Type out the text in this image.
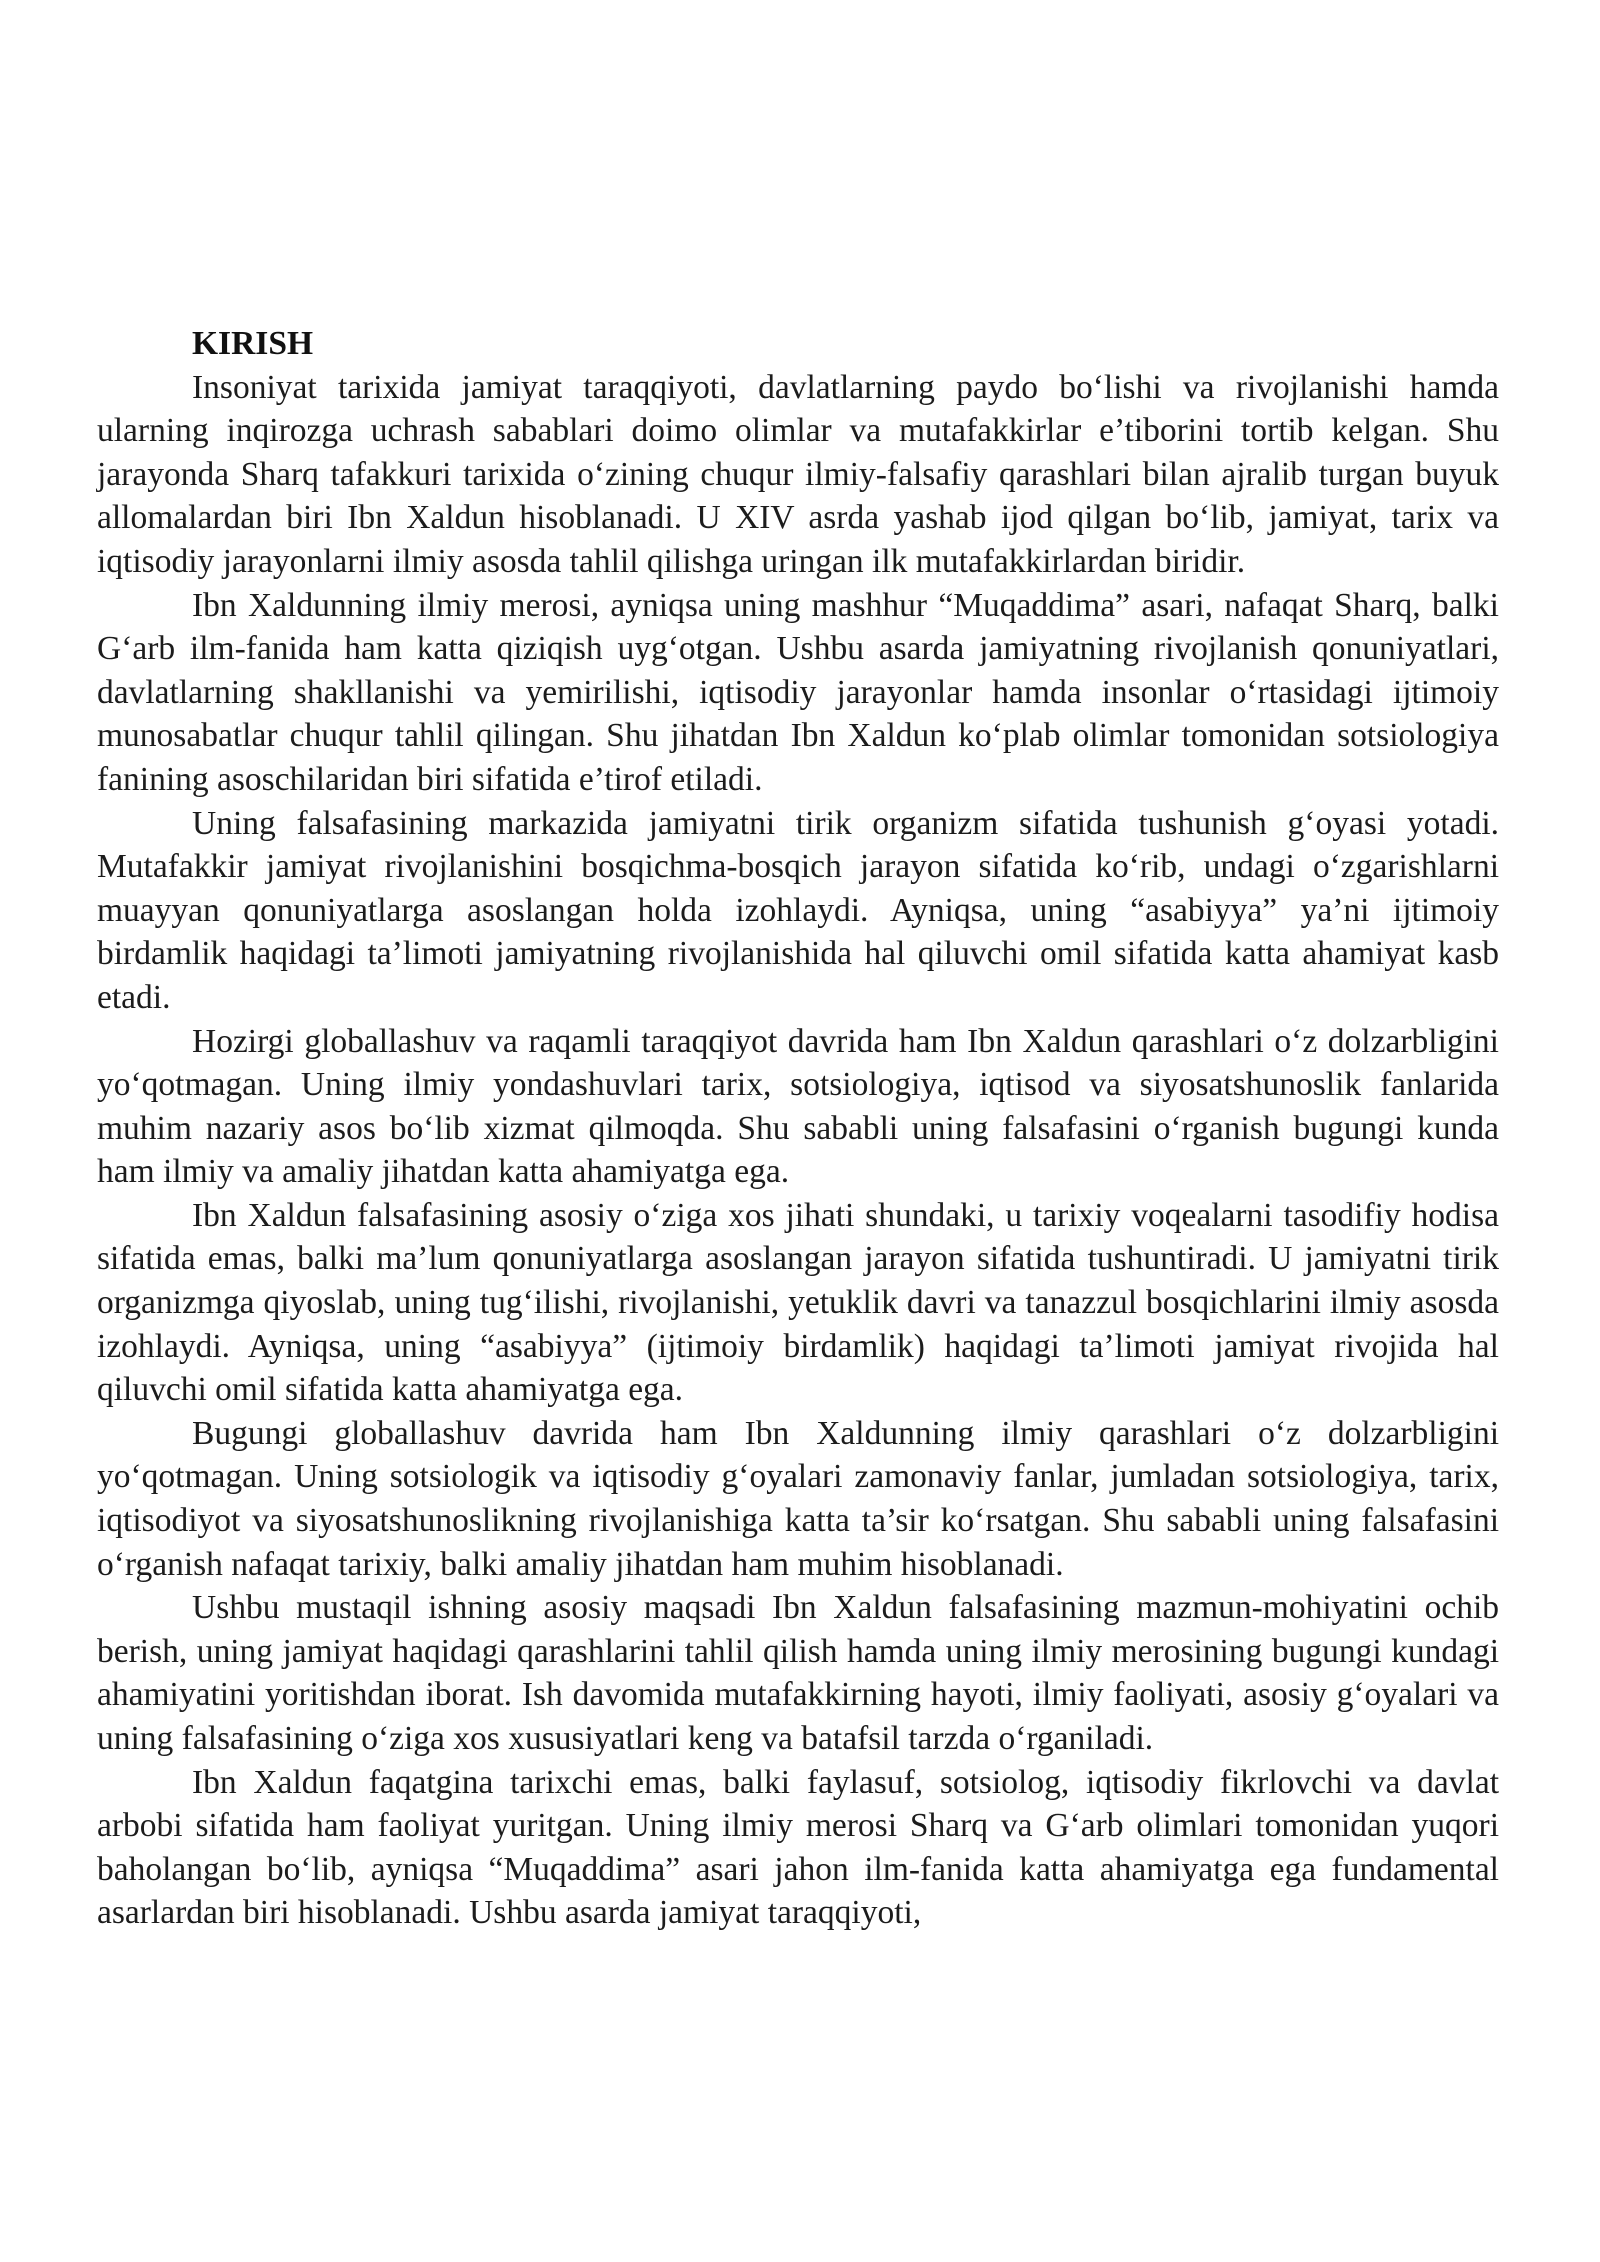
KIRISH

Insoniyat tarixida jamiyat taraqqiyoti, davlatlarning paydo bo‘lishi va rivojlanishi hamda ularning inqirozga uchrash sabablari doimo olimlar va mutafakkirlar e’tiborini tortib kelgan. Shu jarayonda Sharq tafakkuri tarixida o‘zining chuqur ilmiy-falsafiy qarashlari bilan ajralib turgan buyuk allomalardan biri Ibn Xaldun hisoblanadi. U XIV asrda yashab ijod qilgan bo‘lib, jamiyat, tarix va iqtisodiy jarayonlarni ilmiy asosda tahlil qilishga uringan ilk mutafakkirlardan biridir.

Ibn Xaldunning ilmiy merosi, ayniqsa uning mashhur “Muqaddima” asari, nafaqat Sharq, balki G‘arb ilm-fanida ham katta qiziqish uyg‘otgan. Ushbu asarda jamiyatning rivojlanish qonuniyatlari, davlatlarning shakllanishi va yemirilishi, iqtisodiy jarayonlar hamda insonlar o‘rtasidagi ijtimoiy munosabatlar chuqur tahlil qilingan. Shu jihatdan Ibn Xaldun ko‘plab olimlar tomonidan sotsiologiya fanining asoschilaridan biri sifatida e’tirof etiladi.

Uning falsafasining markazida jamiyatni tirik organizm sifatida tushunish g‘oyasi yotadi. Mutafakkir jamiyat rivojlanishini bosqichma-bosqich jarayon sifatida ko‘rib, undagi o‘zgarishlarni muayyan qonuniyatlarga asoslangan holda izohlaydi. Ayniqsa, uning “asabiyya” ya’ni ijtimoiy birdamlik haqidagi ta’limoti jamiyatning rivojlanishida hal qiluvchi omil sifatida katta ahamiyat kasb etadi.

Hozirgi globallashuv va raqamli taraqqiyot davrida ham Ibn Xaldun qarashlari o‘z dolzarbligini yo‘qotmagan. Uning ilmiy yondashuvlari tarix, sotsiologiya, iqtisod va siyosatshunoslik fanlarida muhim nazariy asos bo‘lib xizmat qilmoqda. Shu sababli uning falsafasini o‘rganish bugungi kunda ham ilmiy va amaliy jihatdan katta ahamiyatga ega.

Ibn Xaldun falsafasining asosiy o‘ziga xos jihati shundaki, u tarixiy voqealarni tasodifiy hodisa sifatida emas, balki ma’lum qonuniyatlarga asoslangan jarayon sifatida tushuntiradi. U jamiyatni tirik organizmga qiyoslab, uning tug‘ilishi, rivojlanishi, yetuklik davri va tanazzul bosqichlarini ilmiy asosda izohlaydi. Ayniqsa, uning “asabiyya” (ijtimoiy birdamlik) haqidagi ta’limoti jamiyat rivojida hal qiluvchi omil sifatida katta ahamiyatga ega.

Bugungi globallashuv davrida ham Ibn Xaldunning ilmiy qarashlari o‘z dolzarbligini yo‘qotmagan. Uning sotsiologik va iqtisodiy g‘oyalari zamonaviy fanlar, jumladan sotsiologiya, tarix, iqtisodiyot va siyosatshunoslikning rivojlanishiga katta ta’sir ko‘rsatgan. Shu sababli uning falsafasini o‘rganish nafaqat tarixiy, balki amaliy jihatdan ham muhim hisoblanadi.

Ushbu mustaqil ishning asosiy maqsadi Ibn Xaldun falsafasining mazmun-mohiyatini ochib berish, uning jamiyat haqidagi qarashlarini tahlil qilish hamda uning ilmiy merosining bugungi kundagi ahamiyatini yoritishdan iborat. Ish davomida mutafakkirning hayoti, ilmiy faoliyati, asosiy g‘oyalari va uning falsafasining o‘ziga xos xususiyatlari keng va batafsil tarzda o‘rganiladi.

Ibn Xaldun faqatgina tarixchi emas, balki faylasuf, sotsiolog, iqtisodiy fikrlovchi va davlat arbobi sifatida ham faoliyat yuritgan. Uning ilmiy merosi Sharq va G‘arb olimlari tomonidan yuqori baholangan bo‘lib, ayniqsa “Muqaddima” asari jahon ilm-fanida katta ahamiyatga ega fundamental asarlardan biri hisoblanadi. Ushbu asarda jamiyat taraqqiyoti,
